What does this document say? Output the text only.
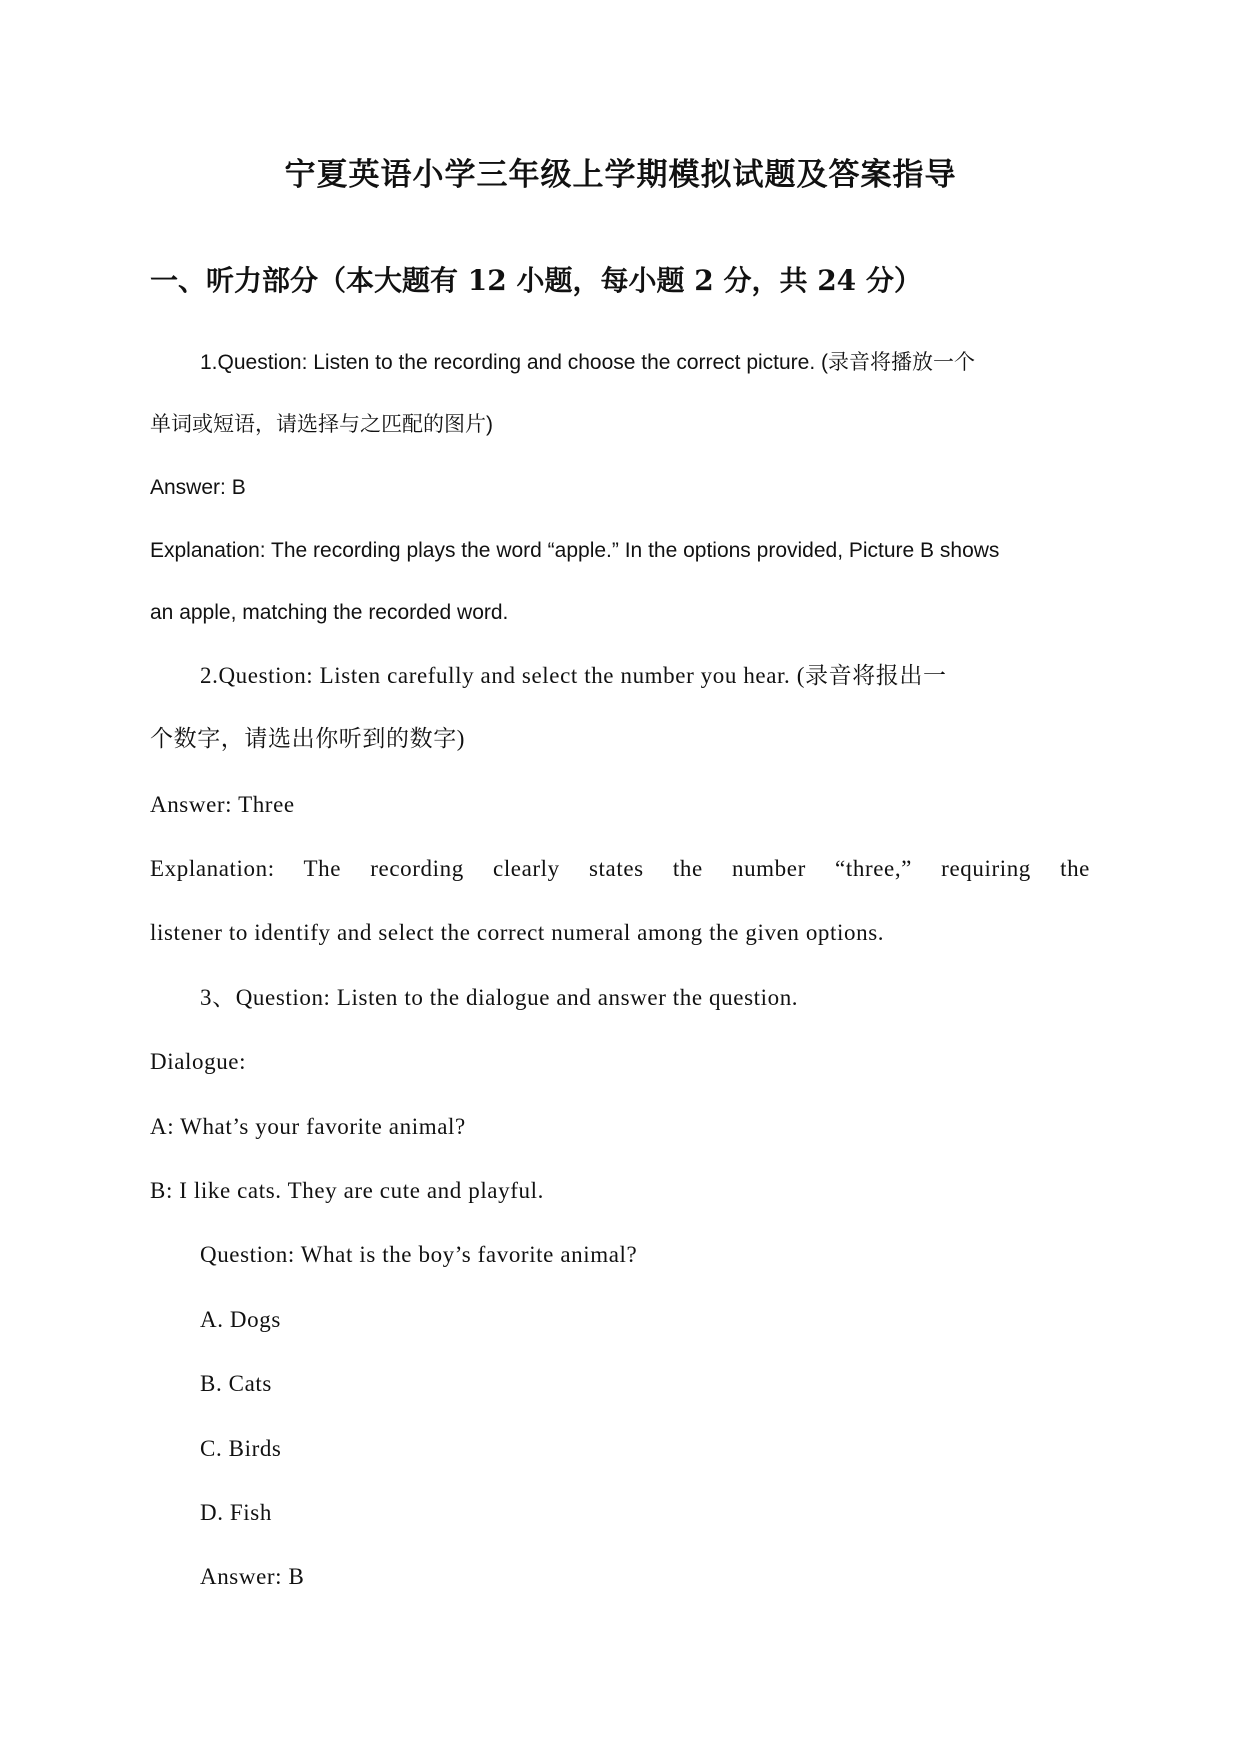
宁夏英语小学三年级上学期模拟试题及答案指导
一、听力部分（本大题有 12 小题，每小题 2 分，共 24 分）
1.Question: Listen to the recording and choose the correct picture. (录音将播放一个
单词或短语，请选择与之匹配的图片)
Answer: B
Explanation: The recording plays the word “apple.” In the options provided, Picture B shows
an apple, matching the recorded word.
2.Question: Listen carefully and select the number you hear. (录音将报出一
个数字，请选出你听到的数字)
Answer: Three
Explanation: The recording clearly states the number “three,” requiring the
listener to identify and select the correct numeral among the given options.
3、Question: Listen to the dialogue and answer the question.
Dialogue:
A: What’s your favorite animal?
B: I like cats. They are cute and playful.
Question: What is the boy’s favorite animal?
A. Dogs
B. Cats
C. Birds
D. Fish
Answer: B
